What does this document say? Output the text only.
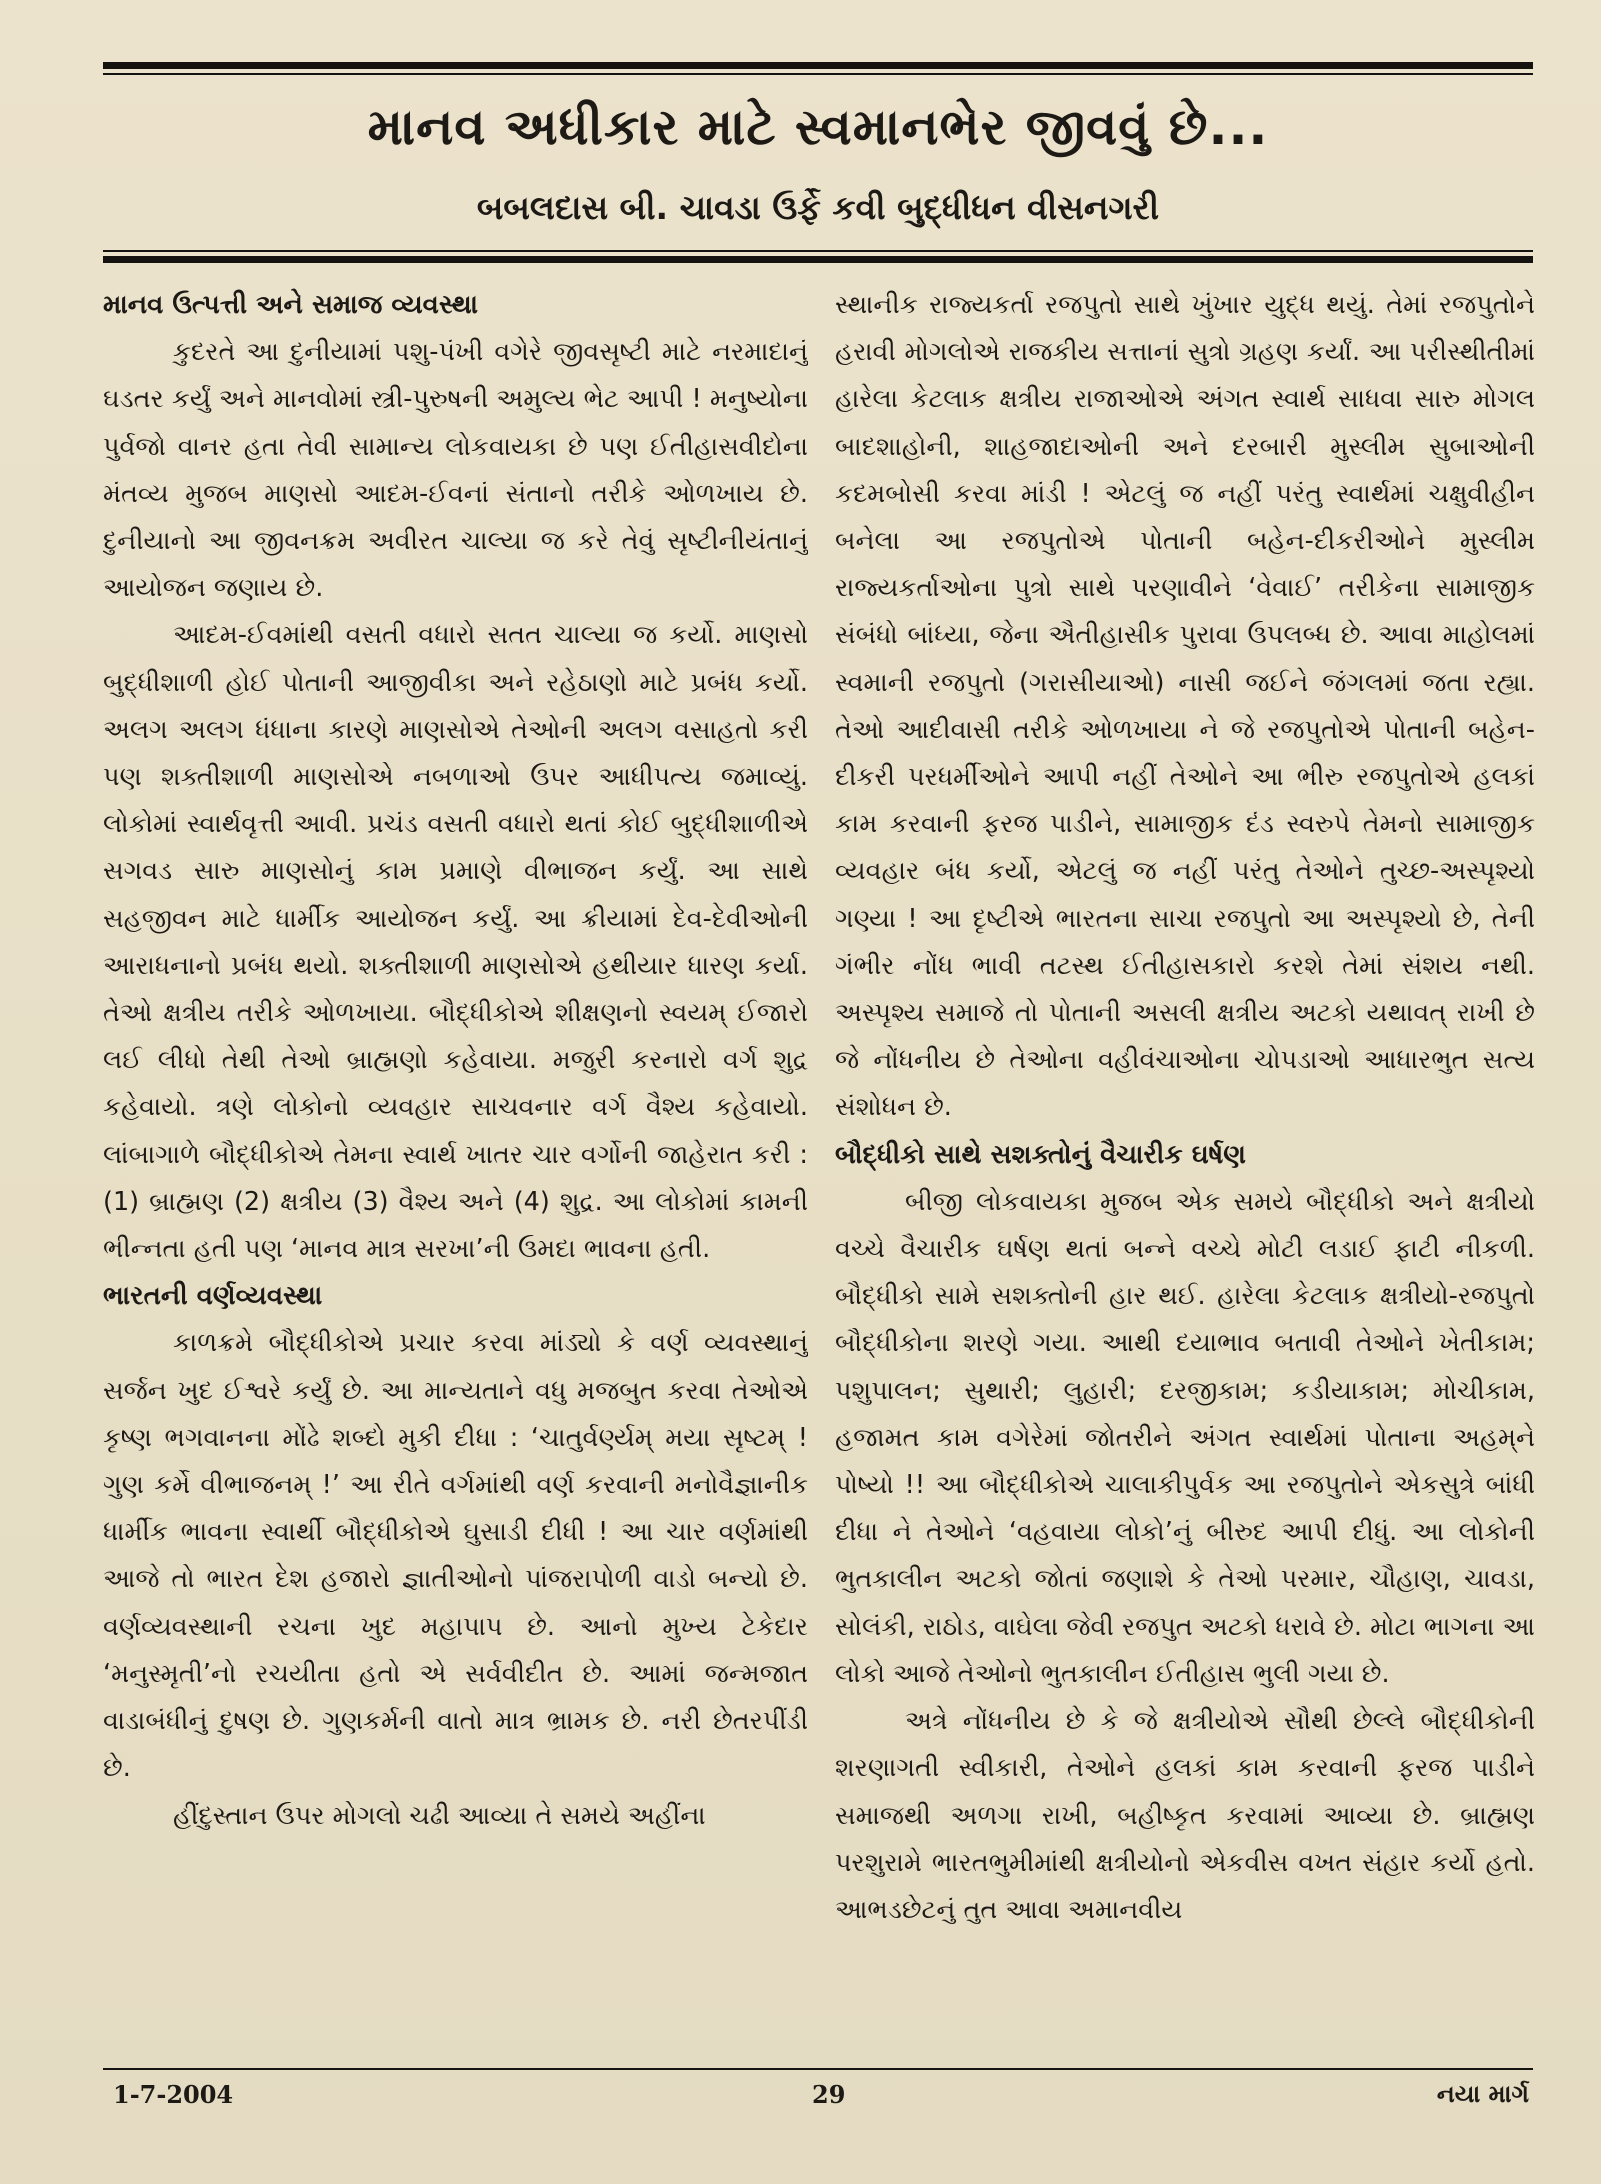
માનવ અધીકાર માટે સ્વમાનભેર જીવવું છે...
બબલદાસ બી. ચાવડા ઉર્ફે કવી બુદ્ધીધન વીસનગરી
માનવ ઉત્પત્તી અને સમાજ વ્યવસ્થા

કુદરતે આ દુનીયામાં પશુ-પંખી વગેરે જીવસૃષ્ટી માટે નરમાદાનું ઘડતર કર્યું અને માનવોમાં સ્ત્રી-પુરુષની અમુલ્ય ભેટ આપી ! મનુષ્યોના પુર્વજો વાનર હતા તેવી સામાન્ય લોકવાયકા છે પણ ઈતીહાસવીદોના મંતવ્ય મુજબ માણસો આદમ-ઈવનાં સંતાનો તરીકે ઓળખાય છે. દુનીયાનો આ જીવનક્રમ અવીરત ચાલ્યા જ કરે તેવું સૃષ્ટીનીયંતાનું આયોજન જણાય છે.

આદમ-ઈવમાંથી વસતી વધારો સતત ચાલ્યા જ કર્યો. માણસો બુદ્ધીશાળી હોઈ પોતાની આજીવીકા અને રહેઠાણો માટે પ્રબંધ કર્યો. અલગ અલગ ધંધાના કારણે માણસોએ તેઓની અલગ વસાહતો કરી પણ શક્તીશાળી માણસોએ નબળાઓ ઉપર આધીપત્ય જમાવ્યું. લોકોમાં સ્વાર્થવૃત્તી આવી. પ્રચંડ વસતી વધારો થતાં કોઈ બુદ્ધીશાળીએ સગવડ સારુ માણસોનું કામ પ્રમાણે વીભાજન કર્યું. આ સાથે સહજીવન માટે ધાર્મીક આયોજન કર્યું. આ ક્રીયામાં દેવ-દેવીઓની આરાધનાનો પ્રબંધ થયો. શક્તીશાળી માણસોએ હથીયાર ધારણ કર્યા. તેઓ ક્ષત્રીય તરીકે ઓળખાયા. બૌદ્ધીકોએ શીક્ષણનો સ્વયમ્ ઈજારો લઈ લીધો તેથી તેઓ બ્રાહ્મણો કહેવાયા. મજુરી કરનારો વર્ગ શુદ્ર કહેવાયો. ત્રણે લોકોનો વ્યવહાર સાચવનાર વર્ગ વૈશ્ય કહેવાયો. લાંબાગાળે બૌદ્ધીકોએ તેમના સ્વાર્થ ખાતર ચાર વર્ગોની જાહેરાત કરી : (1) બ્રાહ્મણ (2) ક્ષત્રીય (3) વૈશ્ય અને (4) શુદ્ર. આ લોકોમાં કામની ભીન્નતા હતી પણ ‘માનવ માત્ર સરખા’ની ઉમદા ભાવના હતી.

ભારતની વર્ણવ્યવસ્થા

કાળક્રમે બૌદ્ધીકોએ પ્રચાર કરવા માંડ્યો કે વર્ણ વ્યવસ્થાનું સર્જન ખુદ ઈશ્વરે કર્યું છે. આ માન્યતાને વધુ મજબુત કરવા તેઓએ કૃષ્ણ ભગવાનના મોંઢે શબ્દો મુકી દીધા : ‘ચાતુર્વર્ણ્યમ્ મયા સૃષ્ટમ્ ! ગુણ કર્મે વીભાજનમ્ !’ આ રીતે વર્ગમાંથી વર્ણ કરવાની મનોવૈજ્ઞાનીક ધાર્મીક ભાવના સ્વાર્થી બૌદ્ધીકોએ ઘુસાડી દીધી ! આ ચાર વર્ણમાંથી આજે તો ભારત દેશ હજારો જ્ઞાતીઓનો પાંજરાપોળી વાડો બન્યો છે. વર્ણવ્યવસ્થાની રચના ખુદ મહાપાપ છે. આનો મુખ્ય ટેકેદાર ‘મનુસ્મૃતી’નો રચયીતા હતો એ સર્વવીદીત છે. આમાં જન્મજાત વાડાબંધીનું દુષણ છે. ગુણકર્મની વાતો માત્ર ભ્રામક છે. નરી છેતરપીંડી છે.

હીંદુસ્તાન ઉપર મોગલો ચઢી આવ્યા તે સમયે અહીંના

સ્થાનીક રાજ્યકર્તા રજપુતો સાથે ખુંખાર યુદ્ધ થયું. તેમાં રજપુતોને હરાવી મોગલોએ રાજકીય સત્તાનાં સુત્રો ગ્રહણ કર્યાં. આ પરીસ્થીતીમાં હારેલા કેટલાક ક્ષત્રીય રાજાઓએ અંગત સ્વાર્થ સાધવા સારુ મોગલ બાદશાહોની, શાહજાદાઓની અને દરબારી મુસ્લીમ સુબાઓની કદમબોસી કરવા માંડી ! એટલું જ નહીં પરંતુ સ્વાર્થમાં ચક્ષુવીહીન બનેલા આ રજપુતોએ પોતાની બહેન-દીકરીઓને મુસ્લીમ રાજ્યકર્તાઓના પુત્રો સાથે પરણાવીને ‘વેવાઈ’ તરીકેના સામાજીક સંબંધો બાંધ્યા, જેના ઐતીહાસીક પુરાવા ઉપલબ્ધ છે. આવા માહોલમાં સ્વમાની રજપુતો (ગરાસીયાઓ) નાસી જઈને જંગલમાં જતા રહ્યા. તેઓ આદીવાસી તરીકે ઓળખાયા ને જે રજપુતોએ પોતાની બહેન-દીકરી પરધર્મીઓને આપી નહીં તેઓને આ ભીરુ રજપુતોએ હલકાં કામ કરવાની ફરજ પાડીને, સામાજીક દંડ સ્વરુપે તેમનો સામાજીક વ્યવહાર બંધ કર્યો, એટલું જ નહીં પરંતુ તેઓને તુચ્છ-અસ્પૃશ્યો ગણ્યા ! આ દૃષ્ટીએ ભારતના સાચા રજપુતો આ અસ્પૃશ્યો છે, તેની ગંભીર નોંધ ભાવી તટસ્થ ઈતીહાસકારો કરશે તેમાં સંશય નથી. અસ્પૃશ્ય સમાજે તો પોતાની અસલી ક્ષત્રીય અટકો યથાવત્ રાખી છે જે નોંધનીય છે તેઓના વહીવંચાઓના ચોપડાઓ આધારભુત સત્ય સંશોધન છે.

બૌદ્ધીકો સાથે સશક્તોનું વૈચારીક ઘર્ષણ

બીજી લોકવાયકા મુજબ એક સમયે બૌદ્ધીકો અને ક્ષત્રીયો વચ્ચે વૈચારીક ઘર્ષણ થતાં બન્ને વચ્ચે મોટી લડાઈ ફાટી નીકળી. બૌદ્ધીકો સામે સશક્તોની હાર થઈ. હારેલા કેટલાક ક્ષત્રીયો-રજપુતો બૌદ્ધીકોના શરણે ગયા. આથી દયાભાવ બતાવી તેઓને ખેતીકામ; પશુપાલન; સુથારી; લુહારી; દરજીકામ; કડીયાકામ; મોચીકામ, હજામત કામ વગેરેમાં જોતરીને અંગત સ્વાર્થમાં પોતાના અહમ્‌ને પોષ્યો !! આ બૌદ્ધીકોએ ચાલાકીપુર્વક આ રજપુતોને એકસુત્રે બાંધી દીધા ને તેઓને ‘વહવાયા લોકો’નું બીરુદ આપી દીધું. આ લોકોની ભુતકાલીન અટકો જોતાં જણાશે કે તેઓ પરમાર, ચૌહાણ, ચાવડા, સોલંકી, રાઠોડ, વાઘેલા જેવી રજપુત અટકો ધરાવે છે. મોટા ભાગના આ લોકો આજે તેઓનો ભુતકાલીન ઈતીહાસ ભુલી ગયા છે.

અત્રે નોંધનીય છે કે જે ક્ષત્રીયોએ સૌથી છેલ્લે બૌદ્ધીકોની શરણાગતી સ્વીકારી, તેઓને હલકાં કામ કરવાની ફરજ પાડીને સમાજથી અળગા રાખી, બહીષ્કૃત કરવામાં આવ્યા છે. બ્રાહ્મણ પરશુરામે ભારતભુમીમાંથી ક્ષત્રીયોનો એકવીસ વખત સંહાર કર્યો હતો. આભડછેટનું તુત આવા અમાનવીય

1-7-2004	29	નયા માર્ગ
